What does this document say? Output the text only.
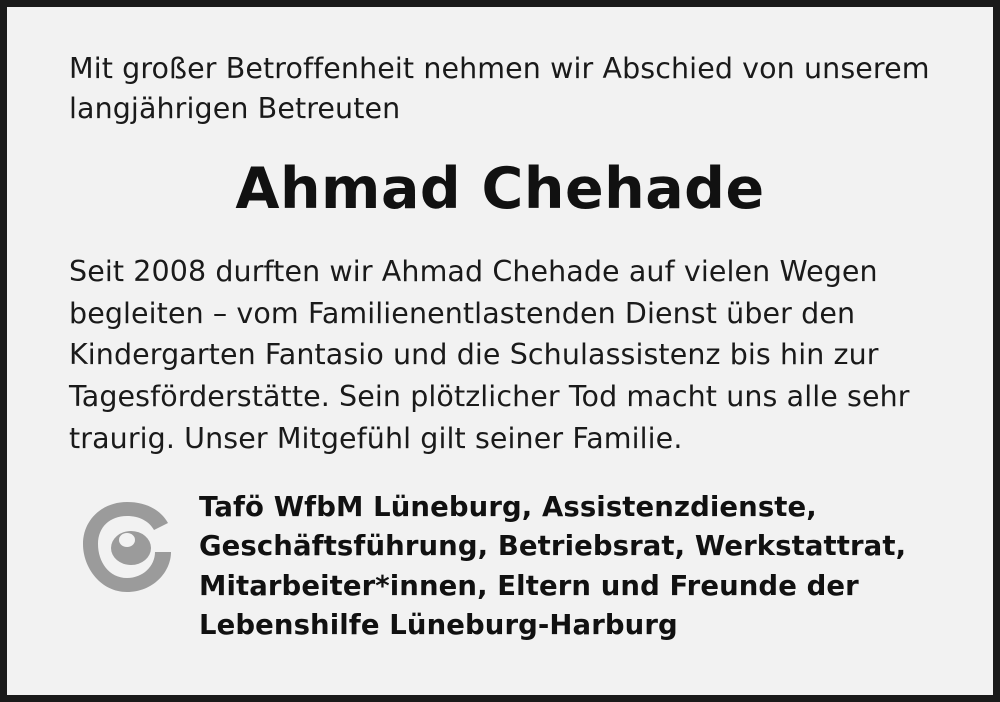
Mit großer Betroffenheit nehmen wir Abschied von unserem langjährigen Betreuten

Ahmad Chehade

Seit 2008 durften wir Ahmad Chehade auf vielen Wegen begleiten – vom Familienentlastenden Dienst über den Kindergarten Fantasio und die Schulassistenz bis hin zur Tagesförderstätte. Sein plötzlicher Tod macht uns alle sehr traurig. Unser Mitgefühl gilt seiner Familie.

Tafö WfbM Lüneburg, Assistenzdienste,
Geschäftsführung, Betriebsrat, Werkstattrat,
Mitarbeiter*innen, Eltern und Freunde der
Lebenshilfe Lüneburg-Harburg
